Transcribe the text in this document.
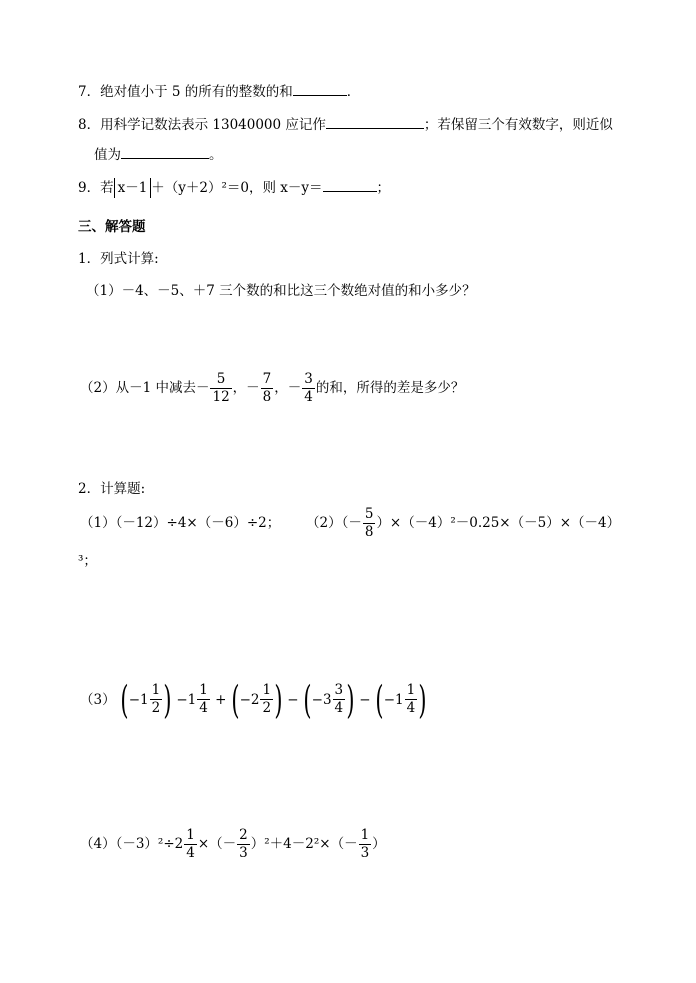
7．绝对值小于 5 的所有的整数的和	．
8．用科学记数法表示 13040000 应记作	；若保留三个有效数字，则近似
值为	。
9．若 x－1 ＋（y＋2）²＝0，则 x－y＝	；
三、解答题
1．列式计算:
（1）－4、－5、＋7 三个数的和比这三个数绝对值的和小多少？
（2）从－1 中减去－ $\frac{5}{12}$ ，－ $\frac{7}{8}$ ，－ $\frac{3}{4}$ 的和，所得的差是多少？
2．计算题:
（1）（－12）÷4×（－6）÷2； $(2)(- \frac{5}{8} )\times(-4)^2-0.25\times(-5)\times(-4)$
³；
（3） ($-1 \frac{1}{2}$ ) $-1 \frac{1}{4} + (-2 \frac{1}{2}$ ) − ($-3 \frac{3}{4}$ ) − ($-1 \frac{1}{4}$ )
$(4)(-3)^2\div 2 \frac{1}{4}$ ×（－ $\frac{2}{3} )^2+4-2^2\times(- \frac{1}{3}$ ）
